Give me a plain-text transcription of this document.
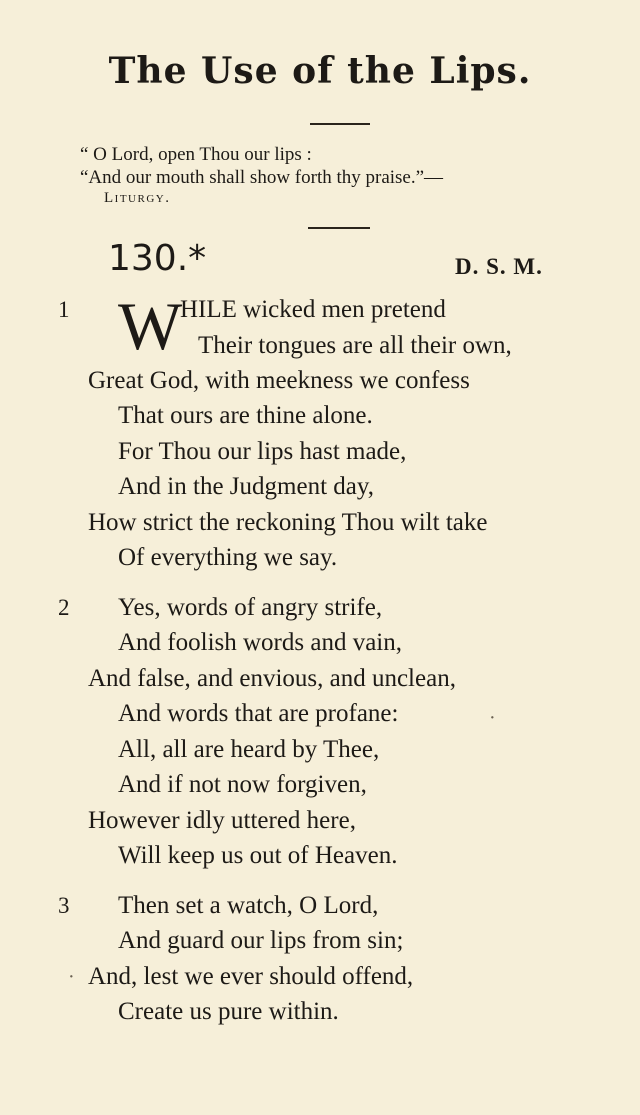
The Use of the Lips.
“ O Lord, open Thou our lips :
“And our mouth shall show forth thy praise.”—
Liturgy.
130.*	D. S. M.
1 W
HILE wicked men pretend
Their tongues are all their own,
Great God, with meekness we confess
That ours are thine alone.
For Thou our lips hast made,
And in the Judgment day,
How strict the reckoning Thou wilt take
Of everything we say.
2 Yes, words of angry strife,
And foolish words and vain,
And false, and envious, and unclean,
And words that are profane:	·
All, all are heard by Thee,
And if not now forgiven,
However idly uttered here,
Will keep us out of Heaven.
3 Then set a watch, O Lord,
And guard our lips from sin;
· And, lest we ever should offend,
Create us pure within.
